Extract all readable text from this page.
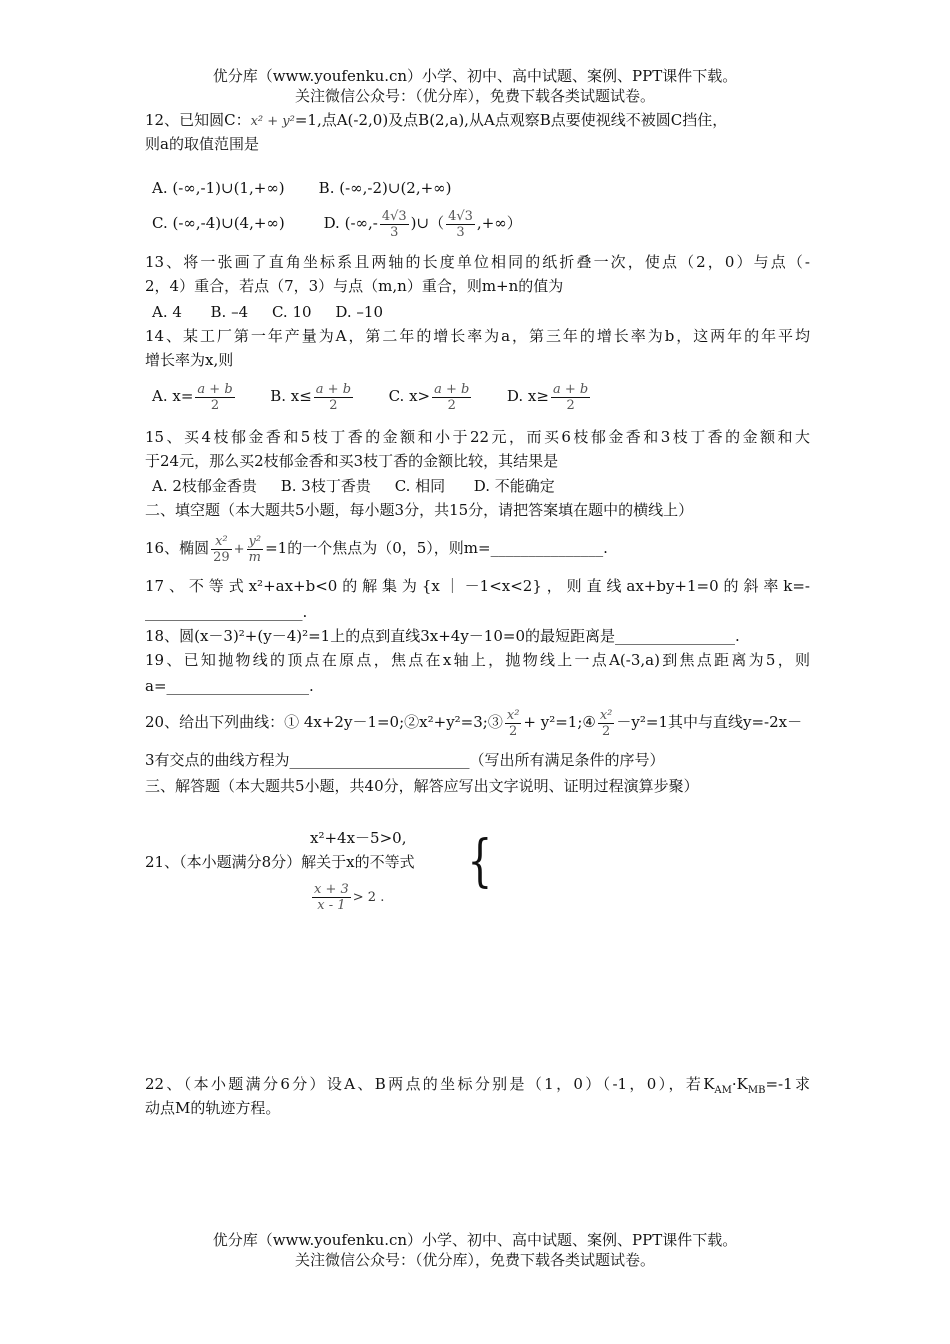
优分库（www.youfenku.cn）小学、初中、高中试题、案例、PPT课件下载。
关注微信公众号：（优分库），免费下载各类试题试卷。
12、已知圆C：x² + y²=1,点A(-2,0)及点B(2,a),从A点观察B点要使视线不被圆C挡住，
则a的取值范围是
A. (-∞,-1)∪(1,+∞) B. (-∞,-2)∪(2,+∞)
C. (-∞,-4)∪(4,+∞)	D. (-∞,- $\frac{4√3}{3}$ )∪（ $\frac{4√3}{3}$ ,+∞）
13、将一张画了直角坐标系且两轴的长度单位相同的纸折叠一次，使点（2，0）与点（-
2，4）重合，若点（7，3）与点（m,n）重合，则m+n的值为
A. 4      B. –4     C. 10     D. –10
14、某工厂第一年产量为A，第二年的增长率为a，第三年的增长率为b，这两年的年平均
增长率为x,则
A. $x= \frac{a + b}{2} B$. $x\le \frac{a + b}{2} C$. $x> \frac{a + b}{2} D$. $x\ge \frac{a + b}{2}$
15、买4枝郁金香和5枝丁香的金额和小于22元，而买6枝郁金香和3枝丁香的金额和大
于24元，那么买2枝郁金香和买3枝丁香的金额比较，其结果是
A. 2枝郁金香贵     B. 3枝丁香贵     C. 相同      D. 不能确定
二、填空题（本大题共5小题，每小题3分，共15分，请把答案填在题中的横线上）
16、椭圆 $\frac{\text{x²}}{29} + \frac{\text{y²}}{m} =1$的一个焦点为（0，5），则m=_______________.
17、不等式x²+ax+b<0的解集为{x｜－1<x<2}，则直线ax+by+1=0的斜率k=-
_____________________.
18、圆(x－3)²+(y－4)²=1上的点到直线3x+4y－10=0的最短距离是________________.
19、已知抛物线的顶点在原点，焦点在x轴上，抛物线上一点A(-3,a)到焦点距离为5，则
a=___________________.
20、给出下列曲线：① 4x+2y－1=0;②x²+y²=3;③ $\frac{\text{x²}}{2}$ + y²=1;④ $\frac{\text{x²}}{2} -y^2=1$其中与直线y=-2x－
3有交点的曲线方程为________________________（写出所有满足条件的序号）
三、解答题（本大题共5小题，共40分，解答应写出文字说明、证明过程演算步聚）
x²+4x－5>0,
21、（本小题满分8分）解关于x的不等式 {
$\frac{x + 3}{x - 1} > 2$ .
22、（本小题满分6分）设A、B两点的坐标分别是（1，0）（-1，0），若$K_{AM}\cdot K_{MB}=-1$求
动点M的轨迹方程。
优分库（www.youfenku.cn）小学、初中、高中试题、案例、PPT课件下载。
关注微信公众号：（优分库），免费下载各类试题试卷。
